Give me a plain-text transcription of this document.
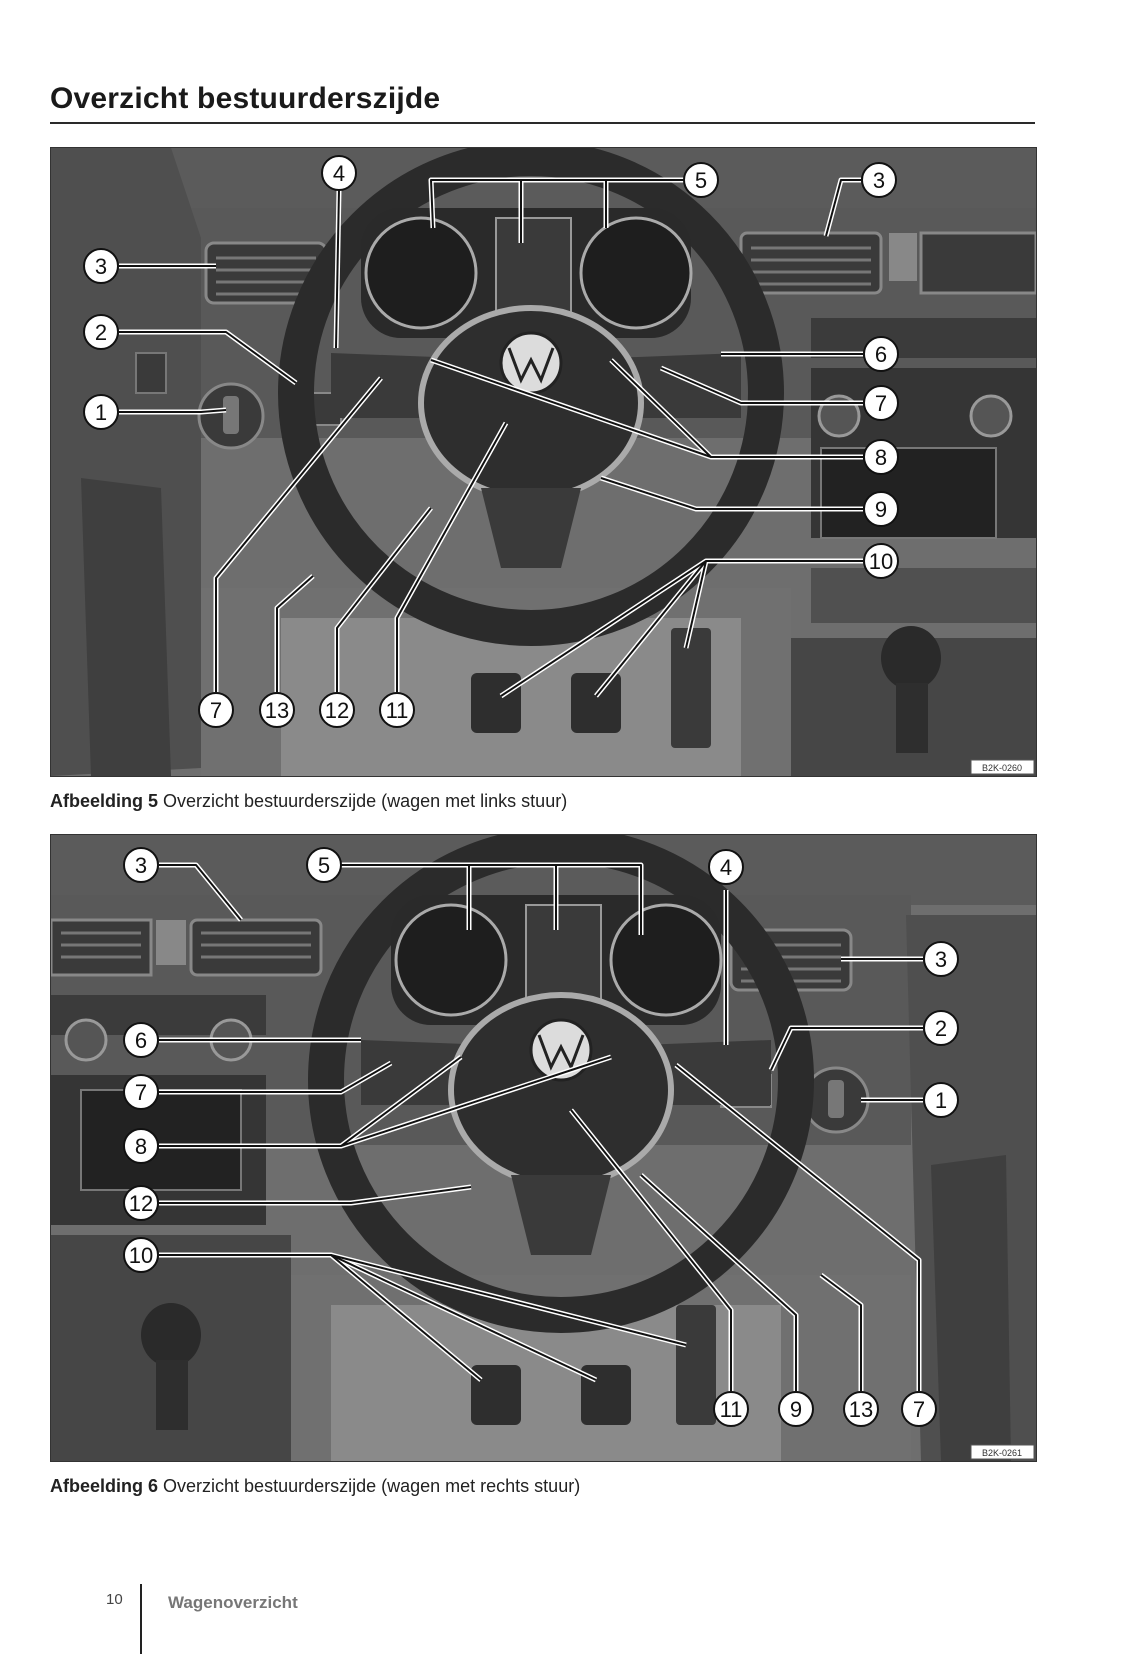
Overzicht bestuurderszijde
1
2
3
3
4	5
6
7
8
9
10
7 13 12 11
B2K-0260
Afbeelding 5 Overzicht bestuurderszijde (wagen met links stuur)
3	5	4
3
2
1
6
7
8
12
10
11 9 13 7
B2K-0261
Afbeelding 6 Overzicht bestuurderszijde (wagen met rechts stuur)
10	Wagenoverzicht
